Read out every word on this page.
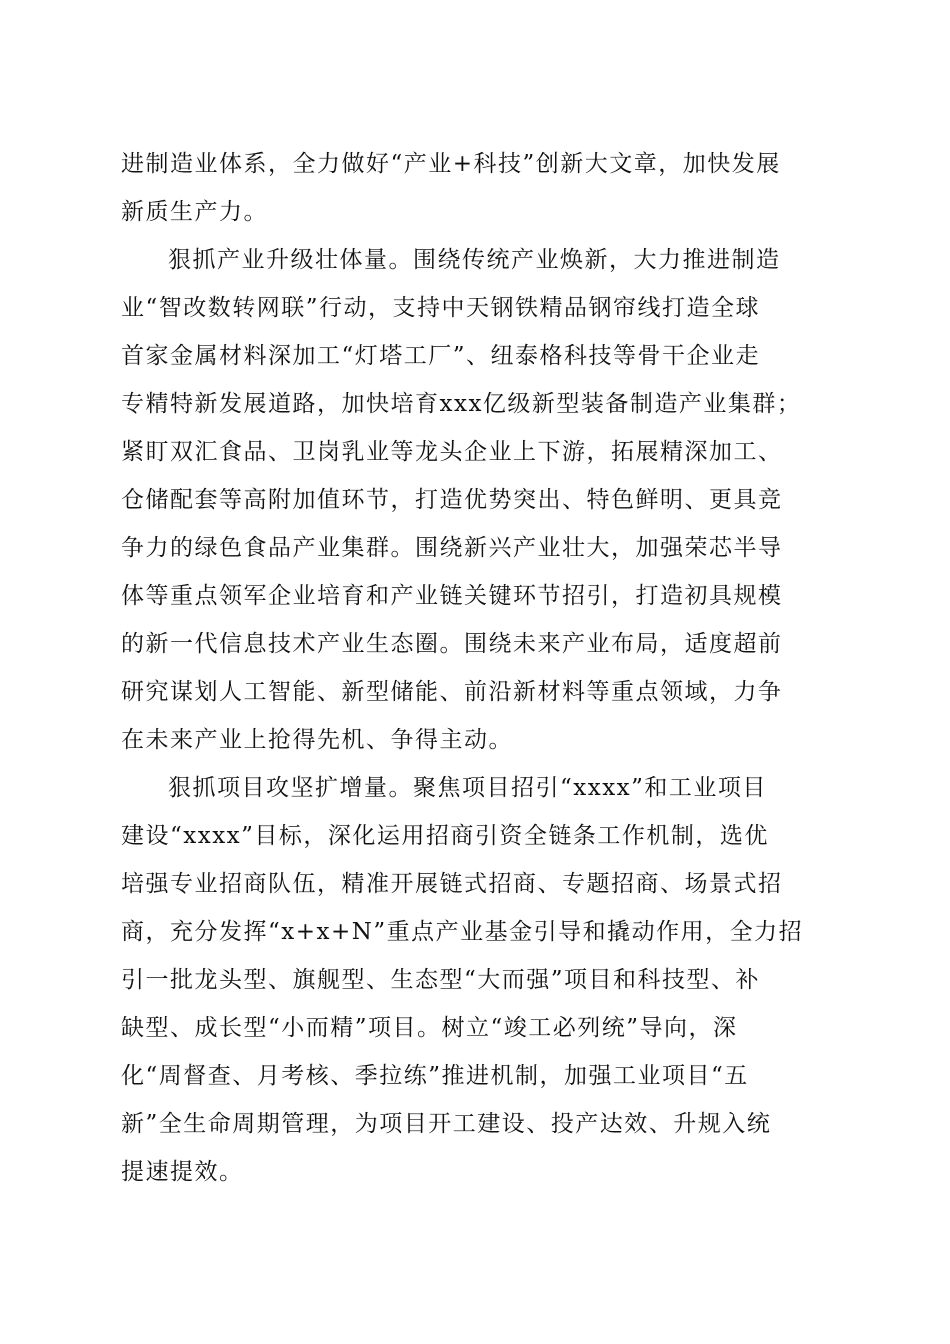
进制造业体系，全力做好“产业+科技”创新大文章，加快发展
新质生产力。
狠抓产业升级壮体量。围绕传统产业焕新，大力推进制造
业“智改数转网联”行动，支持中天钢铁精品钢帘线打造全球
首家金属材料深加工“灯塔工厂”、纽泰格科技等骨干企业走
专精特新发展道路，加快培育xxx亿级新型装备制造产业集群；
紧盯双汇食品、卫岗乳业等龙头企业上下游，拓展精深加工、
仓储配套等高附加值环节，打造优势突出、特色鲜明、更具竞
争力的绿色食品产业集群。围绕新兴产业壮大，加强荣芯半导
体等重点领军企业培育和产业链关键环节招引，打造初具规模
的新一代信息技术产业生态圈。围绕未来产业布局，适度超前
研究谋划人工智能、新型储能、前沿新材料等重点领域，力争
在未来产业上抢得先机、争得主动。
狠抓项目攻坚扩增量。聚焦项目招引“xxxx”和工业项目
建设“xxxx”目标，深化运用招商引资全链条工作机制，选优
培强专业招商队伍，精准开展链式招商、专题招商、场景式招
商，充分发挥“x+x+N”重点产业基金引导和撬动作用，全力招
引一批龙头型、旗舰型、生态型“大而强”项目和科技型、补
缺型、成长型“小而精”项目。树立“竣工必列统”导向，深
化“周督查、月考核、季拉练”推进机制，加强工业项目“五
新”全生命周期管理，为项目开工建设、投产达效、升规入统
提速提效。
